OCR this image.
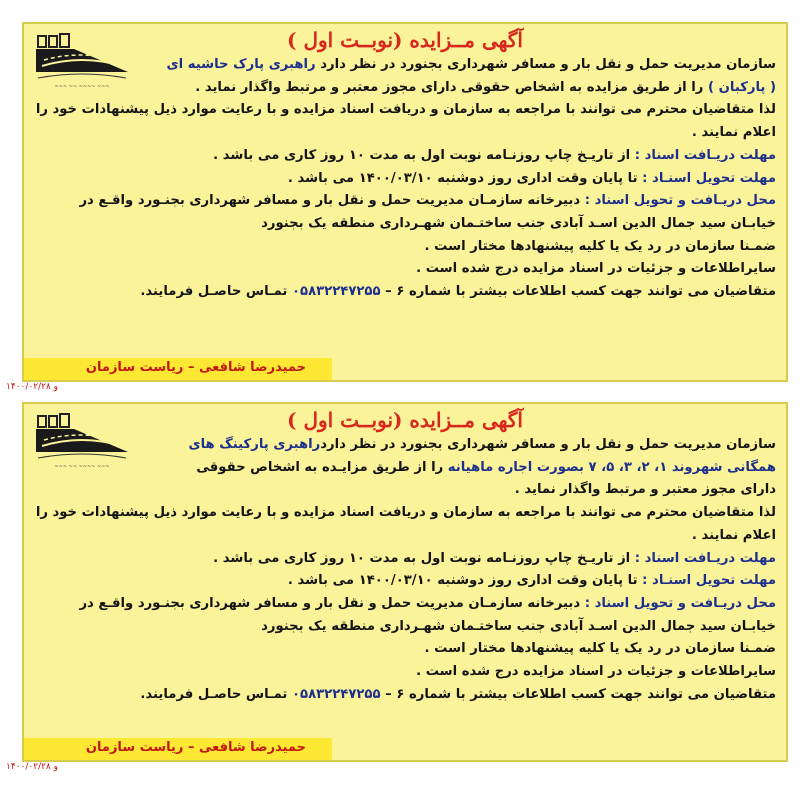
~~~ ~~ ~~~~ ~~~
آگهی مــزایده (نوبــت اول )
سازمان مدیریت حمل و نقل بار و مسافر شهرداری بجنورد در نظر دارد راهبری پارک حاشیه ای
( پارکبان ) را از طریق مزایده به اشخاص حقوقی دارای مجوز معتبر و مرتبط واگذار نماید .
لذا متقاضیان محترم می توانند با مراجعه به سازمان و دریافت اسناد مزایده و با رعایت موارد ذیل پیشنهادات خود را
اعلام نمایند .
مهلت دریـافت اسناد : از تاریـخ چاپ روزنـامه نوبت اول به مدت ۱۰ روز کاری می باشد .
مهلت تحویل اسنـاد : تا پایان وقت اداری روز دوشنبه ۱۴۰۰/۰۳/۱۰ می باشد .
محل دریـافت و تحویل اسناد : دبیرخانه سازمـان مدیریت حمل و نقل بار و مسافر شهرداری بجنـورد واقـع در
خیابـان سید جمال الدین اسـد آبادی جنب ساختـمان شهـرداری منطقه یک بجنورد
ضمـنا سازمان در رد یک یا کلیه پیشنهادها مختار است .
سایراطلاعات و جزئیات در اسناد مزایده درج شده است .
متقاضیان می توانند جهت کسب اطلاعات بیشتر با شماره ۶ – ۰۵۸۳۲۲۴۷۲۵۵ تمـاس حاصـل فرمایند.
حمیدرضا شافعی – ریاست سازمان
۱۴۰۰/۰۲/۲۸ و
~~~ ~~ ~~~~ ~~~
آگهی مــزایده (نوبــت اول )
سازمان مدیریت حمل و نقل بار و مسافر شهرداری بجنورد در نظر داردراهبری پارکینگ های
همگانی شهروند ۱، ۲، ۳، ۵، ۷ بصورت اجاره ماهیانه را از طریق مزایـده به اشخاص حقوقی
دارای مجوز معتبر و مرتبط واگذار نماید .
لذا متقاضیان محترم می توانند با مراجعه به سازمان و دریافت اسناد مزایده و با رعایت موارد ذیل پیشنهادات خود را
اعلام نمایند .
مهلت دریـافت اسناد : از تاریـخ چاپ روزنـامه نوبت اول به مدت ۱۰ روز کاری می باشد .
مهلت تحویل اسنـاد : تا پایان وقت اداری روز دوشنبه ۱۴۰۰/۰۳/۱۰ می باشد .
محل دریـافت و تحویل اسناد : دبیرخانه سازمـان مدیریت حمل و نقل بار و مسافر شهرداری بجنـورد واقـع در
خیابـان سید جمال الدین اسـد آبادی جنب ساختـمان شهـرداری منطقه یک بجنورد
ضمـنا سازمان در رد یک یا کلیه پیشنهادها مختار است .
سایراطلاعات و جزئیات در اسناد مزایده درج شده است .
متقاضیان می توانند جهت کسب اطلاعات بیشتر با شماره ۶ – ۰۵۸۳۲۲۴۷۲۵۵ تمـاس حاصـل فرمایند.
حمیدرضا شافعی – ریاست سازمان
۱۴۰۰/۰۲/۲۸ و
